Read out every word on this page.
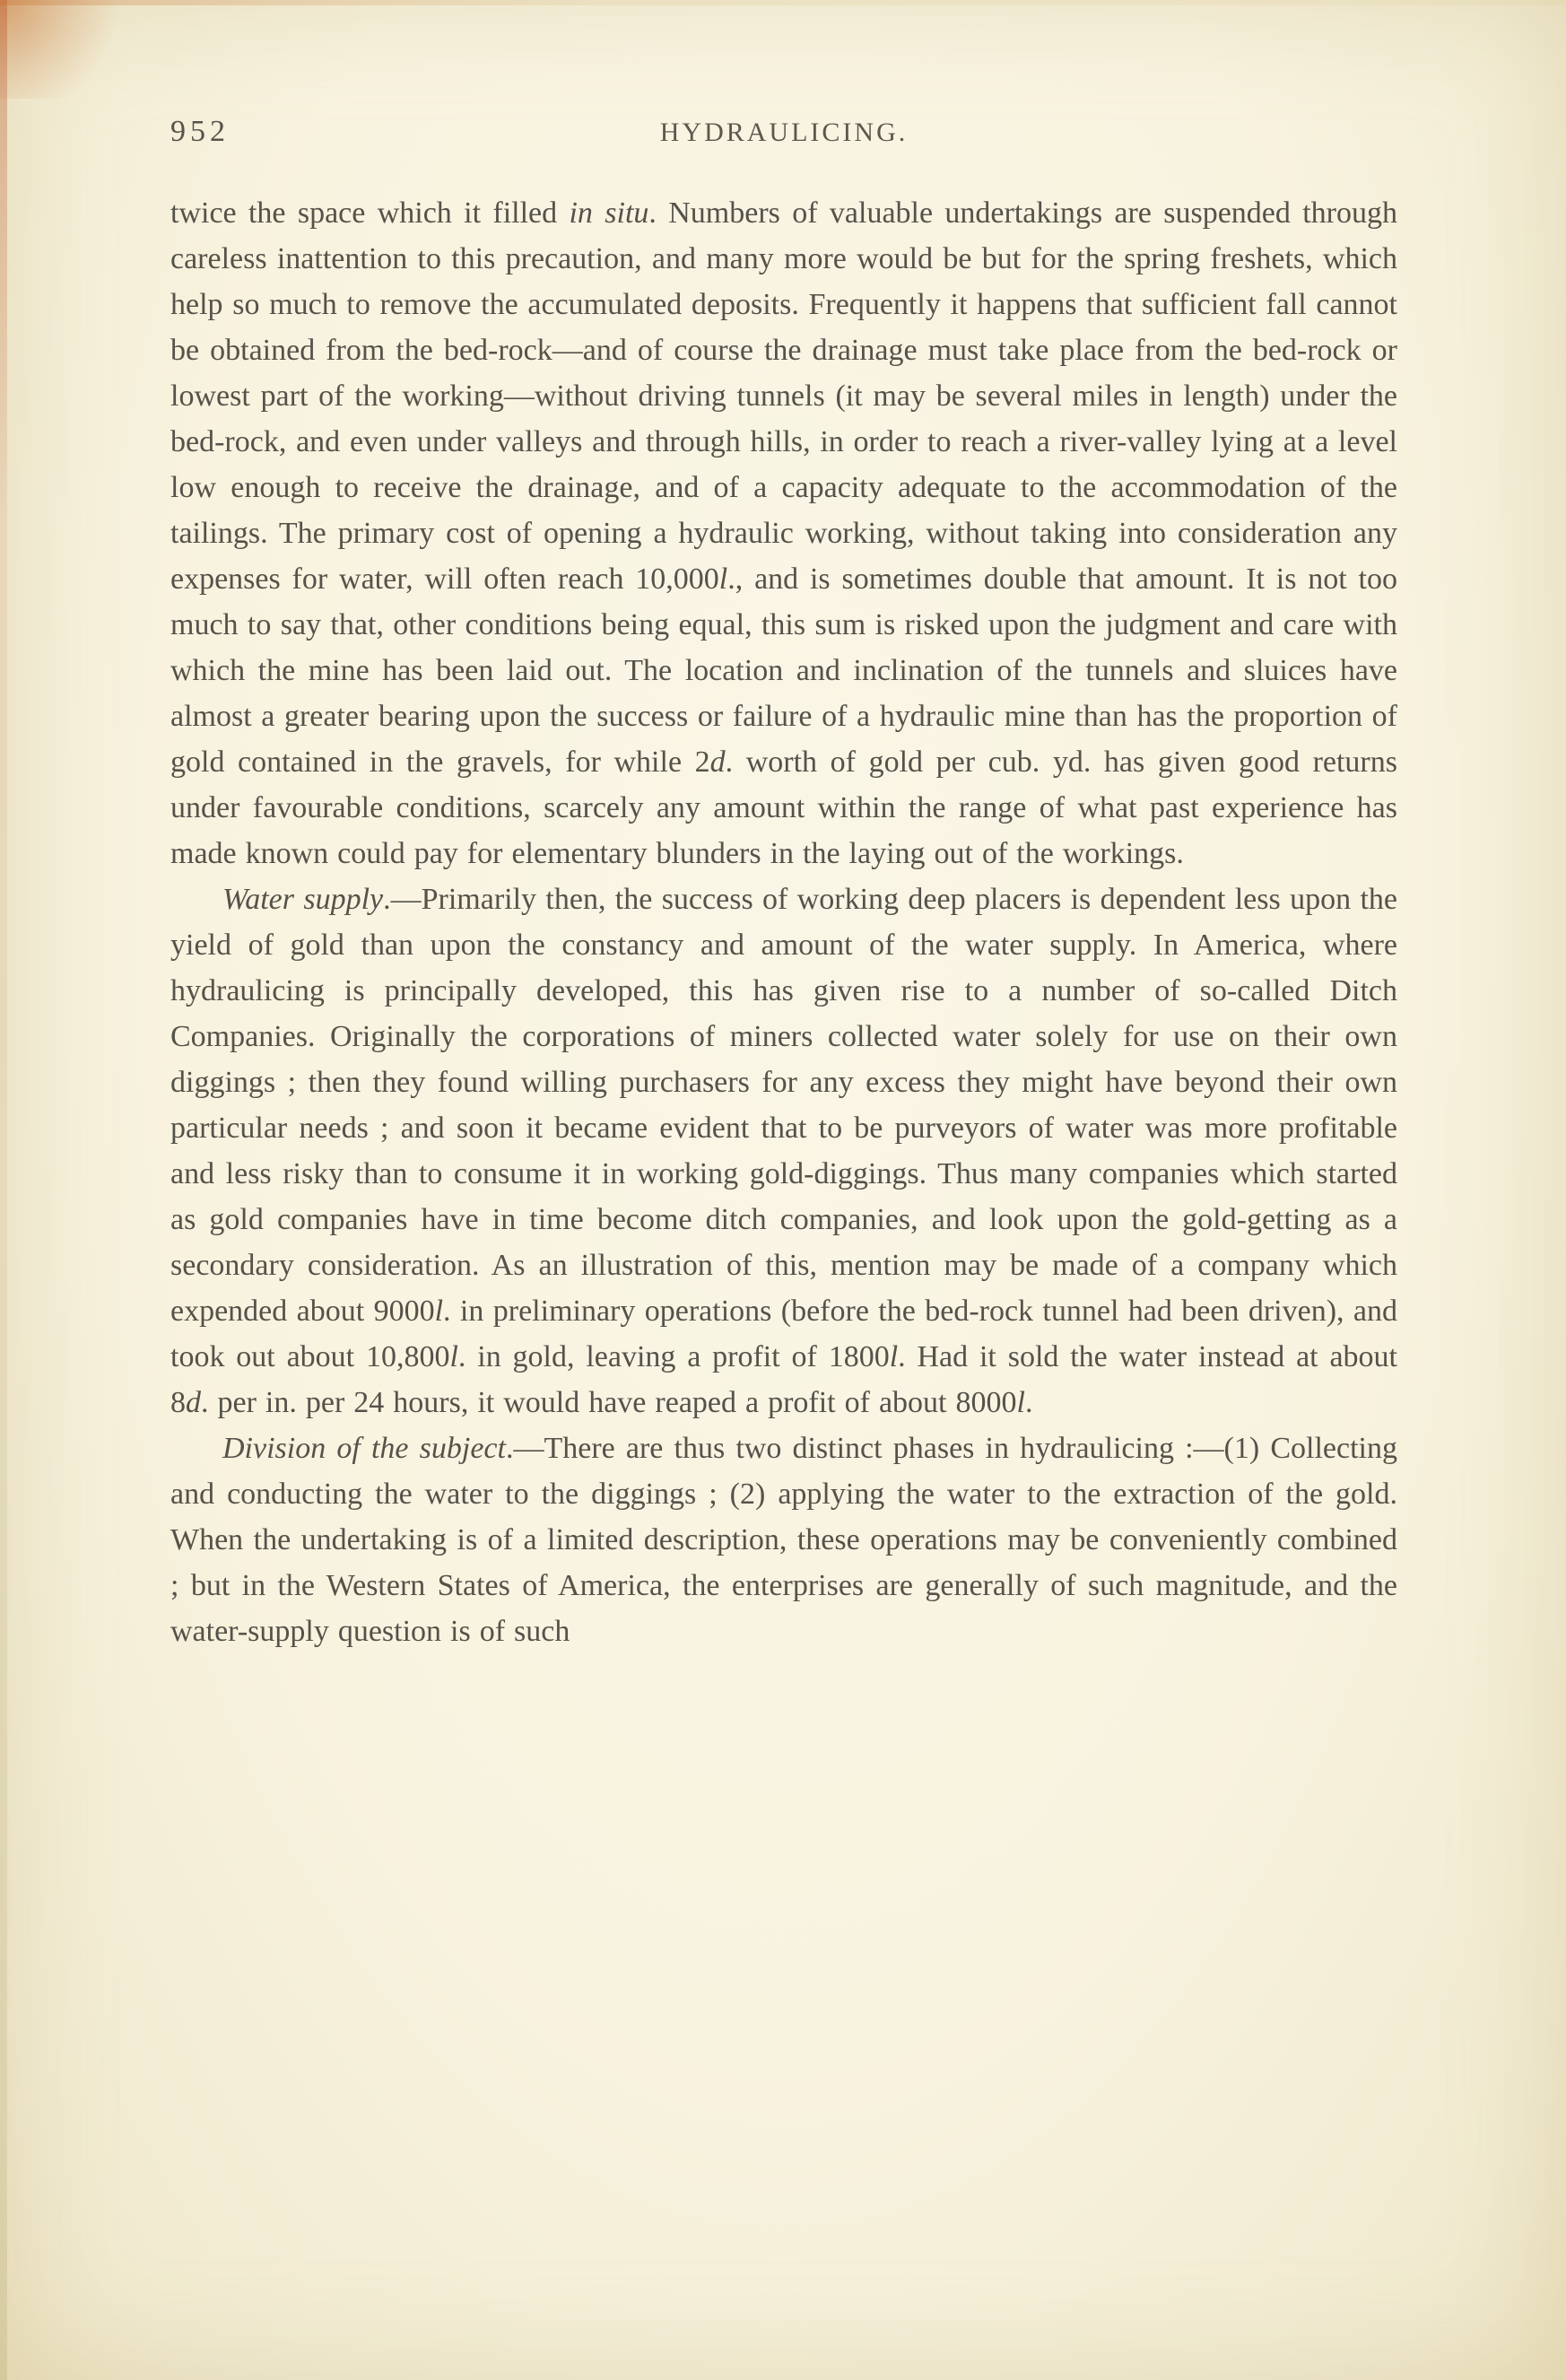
952	HYDRAULICING.

twice the space which it filled in situ. Numbers of valuable undertakings are suspended through careless inattention to this precaution, and many more would be but for the spring freshets, which help so much to remove the accumulated deposits. Frequently it happens that sufficient fall cannot be obtained from the bed-rock—and of course the drainage must take place from the bed-rock or lowest part of the working—without driving tunnels (it may be several miles in length) under the bed-rock, and even under valleys and through hills, in order to reach a river-valley lying at a level low enough to receive the drainage, and of a capacity adequate to the accommodation of the tailings. The primary cost of opening a hydraulic working, without taking into consideration any expenses for water, will often reach 10,000l., and is sometimes double that amount. It is not too much to say that, other conditions being equal, this sum is risked upon the judgment and care with which the mine has been laid out. The location and inclination of the tunnels and sluices have almost a greater bearing upon the success or failure of a hydraulic mine than has the proportion of gold contained in the gravels, for while 2d. worth of gold per cub. yd. has given good returns under favourable conditions, scarcely any amount within the range of what past experience has made known could pay for elementary blunders in the laying out of the workings.

Water supply.—Primarily then, the success of working deep placers is dependent less upon the yield of gold than upon the constancy and amount of the water supply. In America, where hydraulicing is principally developed, this has given rise to a number of so-called Ditch Companies. Originally the corporations of miners collected water solely for use on their own diggings ; then they found willing purchasers for any excess they might have beyond their own particular needs ; and soon it became evident that to be purveyors of water was more profitable and less risky than to consume it in working gold-diggings. Thus many companies which started as gold companies have in time become ditch companies, and look upon the gold-getting as a secondary consideration. As an illustration of this, mention may be made of a company which expended about 9000l. in preliminary operations (before the bed-rock tunnel had been driven), and took out about 10,800l. in gold, leaving a profit of 1800l. Had it sold the water instead at about 8d. per in. per 24 hours, it would have reaped a profit of about 8000l.

Division of the subject.—There are thus two distinct phases in hydraulicing :—(1) Collecting and conducting the water to the diggings ; (2) applying the water to the extraction of the gold. When the undertaking is of a limited description, these operations may be conveniently combined ; but in the Western States of America, the enterprises are generally of such magnitude, and the water-supply question is of such
